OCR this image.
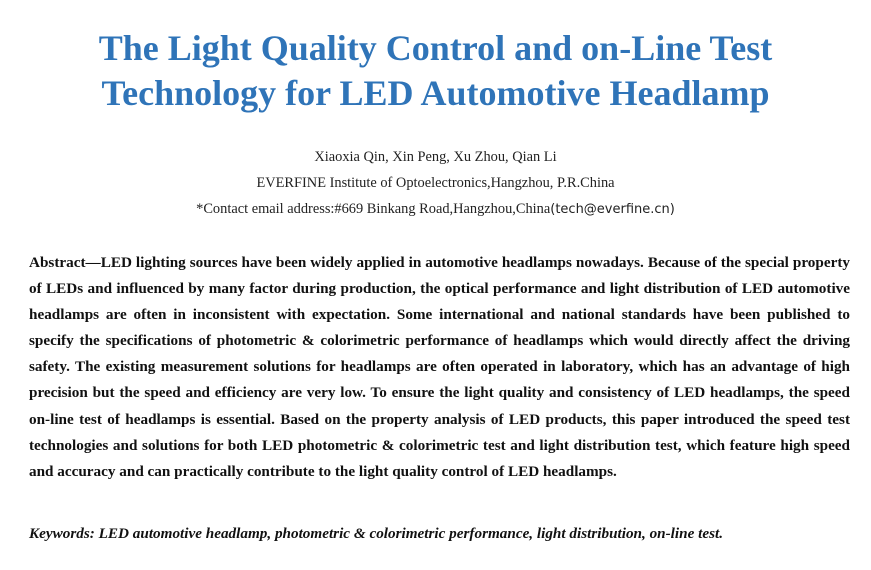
The Light Quality Control and on-Line Test
Technology for LED Automotive Headlamp
Xiaoxia Qin, Xin Peng, Xu Zhou, Qian Li
EVERFINE Institute of Optoelectronics,Hangzhou, P.R.China
*Contact email address:#669 Binkang Road,Hangzhou,China(tech@everfine.cn)

Abstract—LED lighting sources have been widely applied in automotive headlamps nowadays. Because of the special property of LEDs and influenced by many factor during production, the optical performance and light distribution of LED automotive headlamps are often in inconsistent with expectation. Some international and national standards have been published to specify the specifications of photometric & colorimetric performance of headlamps which would directly affect the driving safety. The existing measurement solutions for headlamps are often operated in laboratory, which has an advantage of high precision but the speed and efficiency are very low. To ensure the light quality and consistency of LED headlamps, the speed on-line test of headlamps is essential. Based on the property analysis of LED products, this paper introduced the speed test technologies and solutions for both LED photometric & colorimetric test and light distribution test, which feature high speed and accuracy and can practically contribute to the light quality control of LED headlamps.

Keywords: LED automotive headlamp, photometric & colorimetric performance, light distribution, on-line test.
